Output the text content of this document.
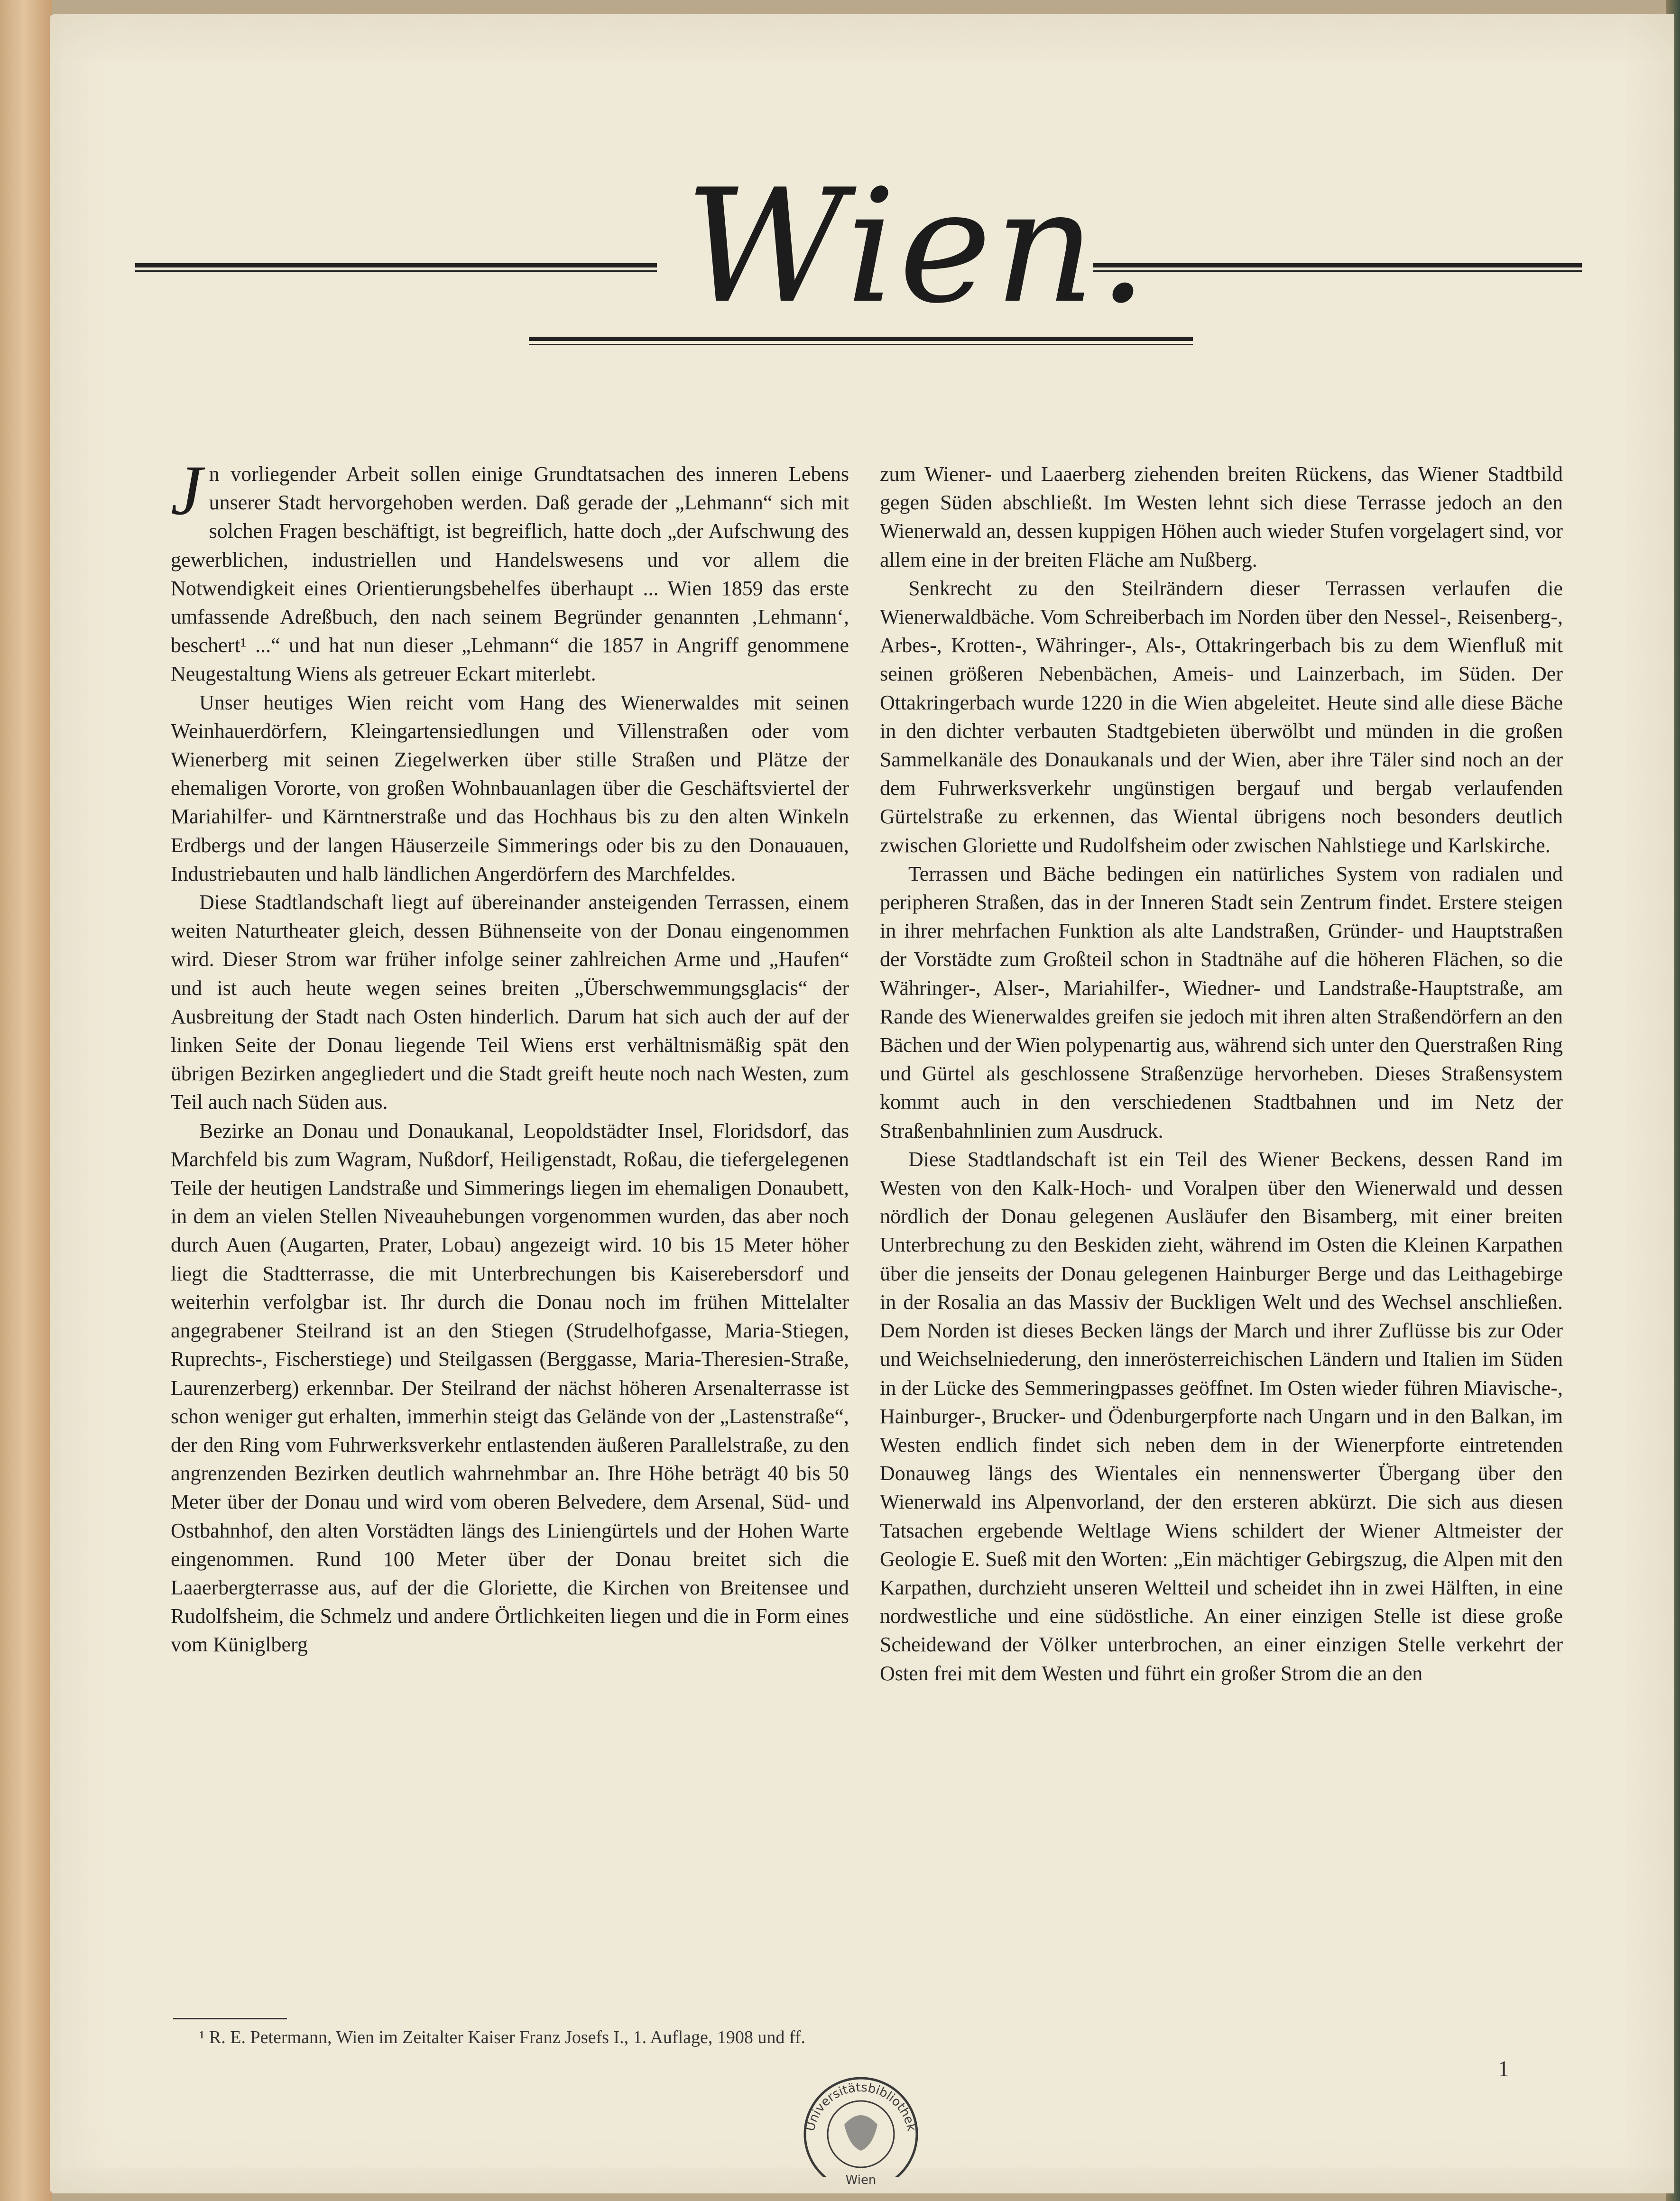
Wien.

Jn vorliegender Arbeit sollen einige Grundtatsachen des inneren Lebens unserer Stadt hervorgehoben werden. Daß gerade der „Lehmann“ sich mit solchen Fragen beschäftigt, ist begreiflich, hatte doch „der Aufschwung des gewerblichen, industriellen und Handelswesens und vor allem die Notwendigkeit eines Orientierungsbehelfes überhaupt ... Wien 1859 das erste umfassende Adreßbuch, den nach seinem Begründer genannten ‚Lehmann‘, beschert¹ ...“ und hat nun dieser „Lehmann“ die 1857 in Angriff genommene Neugestaltung Wiens als getreuer Eckart miterlebt.

Unser heutiges Wien reicht vom Hang des Wienerwaldes mit seinen Weinhauerdörfern, Kleingartensiedlungen und Villenstraßen oder vom Wienerberg mit seinen Ziegelwerken über stille Straßen und Plätze der ehemaligen Vororte, von großen Wohnbauanlagen über die Geschäftsviertel der Mariahilfer- und Kärntnerstraße und das Hochhaus bis zu den alten Winkeln Erdbergs und der langen Häuserzeile Simmerings oder bis zu den Donauauen, Industriebauten und halb ländlichen Angerdörfern des Marchfeldes.

Diese Stadtlandschaft liegt auf übereinander ansteigenden Terrassen, einem weiten Naturtheater gleich, dessen Bühnenseite von der Donau eingenommen wird. Dieser Strom war früher infolge seiner zahlreichen Arme und „Haufen“ und ist auch heute wegen seines breiten „Überschwemmungsglacis“ der Ausbreitung der Stadt nach Osten hinderlich. Darum hat sich auch der auf der linken Seite der Donau liegende Teil Wiens erst verhältnismäßig spät den übrigen Bezirken angegliedert und die Stadt greift heute noch nach Westen, zum Teil auch nach Süden aus.

Bezirke an Donau und Donaukanal, Leopoldstädter Insel, Floridsdorf, das Marchfeld bis zum Wagram, Nußdorf, Heiligenstadt, Roßau, die tiefergelegenen Teile der heutigen Landstraße und Simmerings liegen im ehemaligen Donaubett, in dem an vielen Stellen Niveauhebungen vorgenommen wurden, das aber noch durch Auen (Augarten, Prater, Lobau) angezeigt wird. 10 bis 15 Meter höher liegt die Stadtterrasse, die mit Unterbrechungen bis Kaiserebersdorf und weiterhin verfolgbar ist. Ihr durch die Donau noch im frühen Mittelalter angegrabener Steilrand ist an den Stiegen (Strudelhofgasse, Maria-Stiegen, Ruprechts-, Fischerstiege) und Steilgassen (Berggasse, Maria-Theresien-Straße, Laurenzerberg) erkennbar. Der Steilrand der nächst höheren Arsenalterrasse ist schon weniger gut erhalten, immerhin steigt das Gelände von der „Lastenstraße“, der den Ring vom Fuhrwerksverkehr entlastenden äußeren Parallelstraße, zu den angrenzenden Bezirken deutlich wahrnehmbar an. Ihre Höhe beträgt 40 bis 50 Meter über der Donau und wird vom oberen Belvedere, dem Arsenal, Süd- und Ostbahnhof, den alten Vorstädten längs des Liniengürtels und der Hohen Warte eingenommen. Rund 100 Meter über der Donau breitet sich die Laaerbergterrasse aus, auf der die Gloriette, die Kirchen von Breitensee und Rudolfsheim, die Schmelz und andere Örtlichkeiten liegen und die in Form eines vom Küniglberg

zum Wiener- und Laaerberg ziehenden breiten Rückens, das Wiener Stadtbild gegen Süden abschließt. Im Westen lehnt sich diese Terrasse jedoch an den Wienerwald an, dessen kuppigen Höhen auch wieder Stufen vorgelagert sind, vor allem eine in der breiten Fläche am Nußberg.

Senkrecht zu den Steilrändern dieser Terrassen verlaufen die Wienerwaldbäche. Vom Schreiberbach im Norden über den Nessel-, Reisenberg-, Arbes-, Krotten-, Währinger-, Als-, Ottakringerbach bis zu dem Wienfluß mit seinen größeren Nebenbächen, Ameis- und Lainzerbach, im Süden. Der Ottakringerbach wurde 1220 in die Wien abgeleitet. Heute sind alle diese Bäche in den dichter verbauten Stadtgebieten überwölbt und münden in die großen Sammelkanäle des Donaukanals und der Wien, aber ihre Täler sind noch an der dem Fuhrwerksverkehr ungünstigen bergauf und bergab verlaufenden Gürtelstraße zu erkennen, das Wiental übrigens noch besonders deutlich zwischen Gloriette und Rudolfsheim oder zwischen Nahlstiege und Karlskirche.

Terrassen und Bäche bedingen ein natürliches System von radialen und peripheren Straßen, das in der Inneren Stadt sein Zentrum findet. Erstere steigen in ihrer mehrfachen Funktion als alte Landstraßen, Gründer- und Hauptstraßen der Vorstädte zum Großteil schon in Stadtnähe auf die höheren Flächen, so die Währinger-, Alser-, Mariahilfer-, Wiedner- und Landstraße-Hauptstraße, am Rande des Wienerwaldes greifen sie jedoch mit ihren alten Straßendörfern an den Bächen und der Wien polypenartig aus, während sich unter den Querstraßen Ring und Gürtel als geschlossene Straßenzüge hervorheben. Dieses Straßensystem kommt auch in den verschiedenen Stadtbahnen und im Netz der Straßenbahnlinien zum Ausdruck.

Diese Stadtlandschaft ist ein Teil des Wiener Beckens, dessen Rand im Westen von den Kalk-Hoch- und Voralpen über den Wienerwald und dessen nördlich der Donau gelegenen Ausläufer den Bisamberg, mit einer breiten Unterbrechung zu den Beskiden zieht, während im Osten die Kleinen Karpathen über die jenseits der Donau gelegenen Hainburger Berge und das Leithagebirge in der Rosalia an das Massiv der Buckligen Welt und des Wechsel anschließen. Dem Norden ist dieses Becken längs der March und ihrer Zuflüsse bis zur Oder und Weichselniederung, den innerösterreichischen Ländern und Italien im Süden in der Lücke des Semmeringpasses geöffnet. Im Osten wieder führen Miavische-, Hainburger-, Brucker- und Ödenburgerpforte nach Ungarn und in den Balkan, im Westen endlich findet sich neben dem in der Wienerpforte eintretenden Donauweg längs des Wientales ein nennenswerter Übergang über den Wienerwald ins Alpenvorland, der den ersteren abkürzt. Die sich aus diesen Tatsachen ergebende Weltlage Wiens schildert der Wiener Altmeister der Geologie E. Sueß mit den Worten: „Ein mächtiger Gebirgszug, die Alpen mit den Karpathen, durchzieht unseren Weltteil und scheidet ihn in zwei Hälften, in eine nordwestliche und eine südöstliche. An einer einzigen Stelle ist diese große Scheidewand der Völker unterbrochen, an einer einzigen Stelle verkehrt der Osten frei mit dem Westen und führt ein großer Strom die an den

¹ R. E. Petermann, Wien im Zeitalter Kaiser Franz Josefs I., 1. Auflage, 1908 und ff.

1
Universitätsbibliothek
Wien
